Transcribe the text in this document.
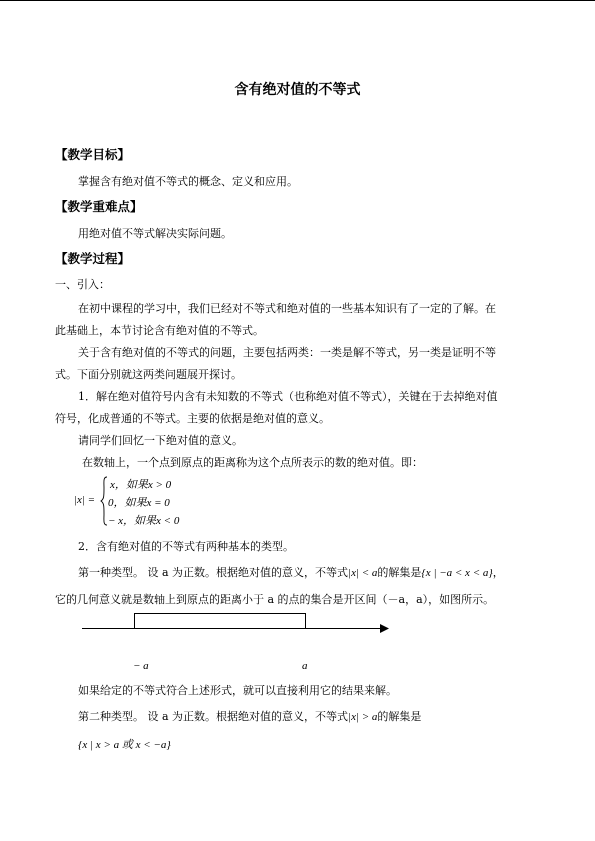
含有绝对值的不等式
【教学目标】
掌握含有绝对值不等式的概念、定义和应用。
【教学重难点】
用绝对值不等式解决实际问题。
【教学过程】
一、引入：
在初中课程的学习中，我们已经对不等式和绝对值的一些基本知识有了一定的了解。在
此基础上，本节讨论含有绝对值的不等式。
关于含有绝对值的不等式的问题，主要包括两类：一类是解不等式，另一类是证明不等
式。下面分别就这两类问题展开探讨。
1．解在绝对值符号内含有未知数的不等式（也称绝对值不等式），关键在于去掉绝对值
符号，化成普通的不等式。主要的依据是绝对值的意义。
请同学们回忆一下绝对值的意义。
在数轴上，一个点到原点的距离称为这个点所表示的数的绝对值。即：
|x| =
x，如果x > 0
0，如果x = 0
− x，如果x < 0
2．含有绝对值的不等式有两种基本的类型。
第一种类型。 设 a 为正数。根据绝对值的意义，不等式|x| < a的解集是{x | −a < x < a}，
它的几何意义就是数轴上到原点的距离小于 a 的点的集合是开区间（－a，a），如图所示。
− a	a
如果给定的不等式符合上述形式，就可以直接利用它的结果来解。
第二种类型。 设 a 为正数。根据绝对值的意义，不等式|x| > a的解集是
{x | x > a 或 x < −a}
